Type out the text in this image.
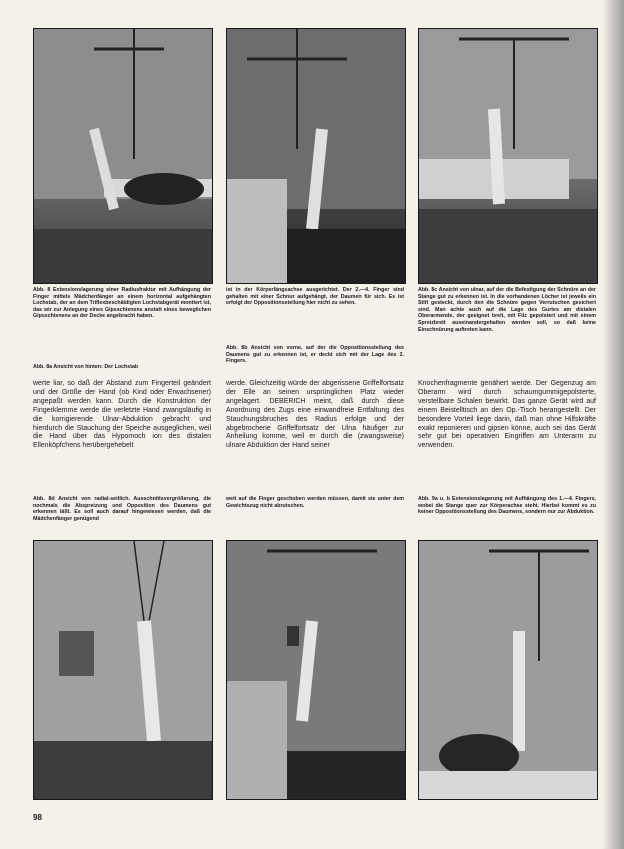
Abb. 8 Extensionslagerung einer Radiusfraktur mit Aufhängung der Finger mittels Mädchenfänger an einem horizontal aufgehängten Lochstab, der an dem Triflexbeschäldigten Lochstabgerät montiert ist, das wir zur Anlegung eines Gipsschienens anstatt eines beweglichen Gipsschienens an der Decke angebracht haben.

Abb. 8a Ansicht von hinten: Der Lochstab

ist in der Körperlängsachse ausgerichtet. Der 2.—4. Finger sind gehalten mit einer Schnur aufgehängt, der Daumen für sich. Es ist erfolgt der Oppositionsstellung hier nicht zu sehen.

Abb. 8b Ansicht von vorne, auf der die Oppositionsstellung des Daumens gut zu erkennen ist, er deckt sich mit der Lage des 2. Fingers.

Abb. 8c Ansicht von ulnar, auf der die Befestigung der Schnüre an der Stange gut zu erkennen ist. In die vorhandenen Löcher ist jeweils ein Stift gesteckt, durch den die Schnüre gegen Verrutschen gesichert sind. Man achte auch auf die Lage des Gurtes am distalen Oberarmende, der geeignet breit, mit Filz gepolstert und mit einem Spreizbrett auseinandergehalten werden soll, so daß keine Einschnürung auftreten kann.

werte liar, so daß der Abstand zum Fingerteil geändert und der Größe der Hand (ob Kind oder Erwachsener) angepaßt werden kann. Durch die Konstruktion der Fingerklemme werde die verletzte Hand zwangsläufig in die korrigierende Ulnar-Abduktion gebracht und hierdurch die Stauchung der Speiche ausgeglichen, weil die Hand über das Hypomoch ion des distalen Ellenköpfchens herübergehebelt

werde. Gleichzeitig würde der abgerissene Griffelfortsatz der Elle an seinen ursprünglichen Platz wieder angelagert. DEBERICH meint, daß durch diese Anordnung des Zugs eine einwandfreie Entfaltung des Stauchungsbruches des Radius erfolge und der abgebrochene Griffelfortsatz der Ulna häufiger zur Anheilung komme, weil er durch die (zwangsweise) ulnare Abduktion der Hand seiner

Knochenfragmente genähert werde. Der Gegenzug am Oberarm wird durch schaumgummigepolsterte, verstellbare Schalen bewirkt. Das ganze Gerät wird auf einem Beistelltisch an den Op.-Tisch herangestellt. Der besondere Vorteil liege darin, daß man ohne Hilfskräfte exakt reponieren und gipsen könne, auch sei das Gerät sehr gut bei operativen Eingriffen am Unterarm zu verwenden.

Abb. 8d Ansicht von radial-seitlich. Ausschnittsvergrößerung, die nochmals die Abspreizung und Opposition des Daumens gut erkennen läßt. Es soll auch darauf hingewiesen werden, daß die Mädchenfänger genügend

weit auf die Finger geschoben werden müssen, damit sie unter dem Gewichtszug nicht abrutschen.

Abb. 9a u. b Extensionslagerung mit Aufhängung des 1.—4. Fingers, wobei die Stange quer zur Körperachse steht. Hierbei kommt es zu keiner Oppositionsstellung des Daumens, sondern nur zur Abduktion.

98
